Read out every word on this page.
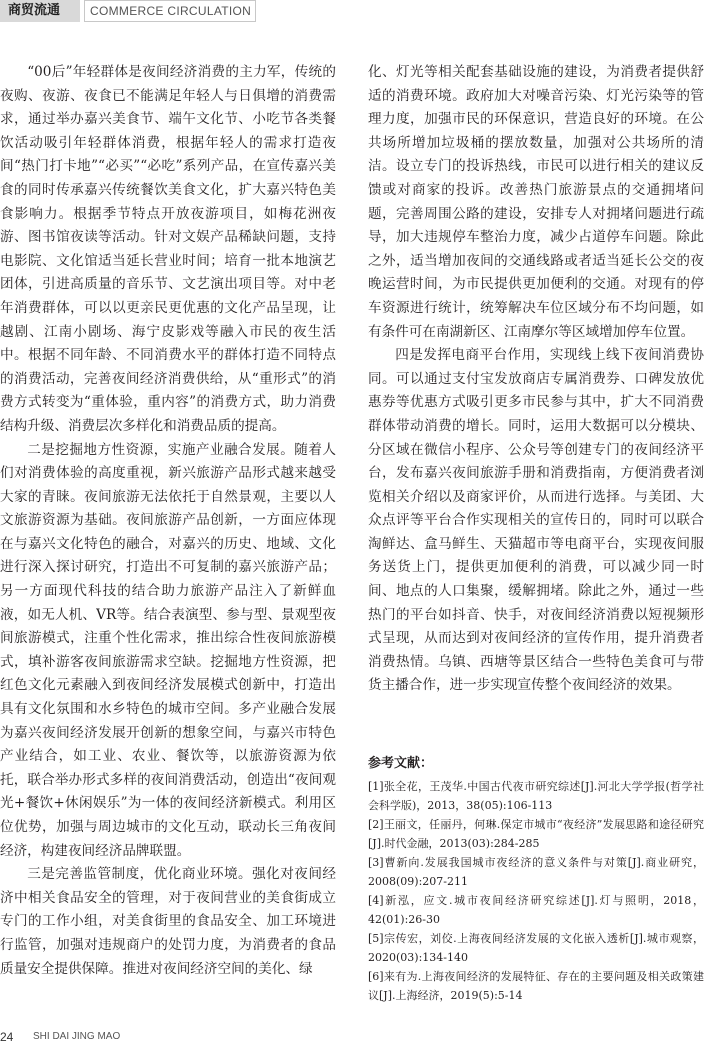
商贸流通	COMMERCE CIRCULATION

“00后”年轻群体是夜间经济消费的主力军，传统的夜购、夜游、夜食已不能满足年轻人与日俱增的消费需求，通过举办嘉兴美食节、端午文化节、小吃节各类餐饮活动吸引年轻群体消费，根据年轻人的需求打造夜间“热门打卡地”“必买”“必吃”系列产品，在宣传嘉兴美食的同时传承嘉兴传统餐饮美食文化，扩大嘉兴特色美食影响力。根据季节特点开放夜游项目，如梅花洲夜游、图书馆夜读等活动。针对文娱产品稀缺问题，支持电影院、文化馆适当延长营业时间；培育一批本地演艺团体，引进高质量的音乐节、文艺演出项目等。对中老年消费群体，可以以更亲民更优惠的文化产品呈现，让越剧、江南小剧场、海宁皮影戏等融入市民的夜生活中。根据不同年龄、不同消费水平的群体打造不同特点的消费活动，完善夜间经济消费供给，从“重形式”的消费方式转变为“重体验，重内容”的消费方式，助力消费结构升级、消费层次多样化和消费品质的提高。

二是挖掘地方性资源，实施产业融合发展。随着人们对消费体验的高度重视，新兴旅游产品形式越来越受大家的青睐。夜间旅游无法依托于自然景观，主要以人文旅游资源为基础。夜间旅游产品创新，一方面应体现在与嘉兴文化特色的融合，对嘉兴的历史、地域、文化进行深入探讨研究，打造出不可复制的嘉兴旅游产品；另一方面现代科技的结合助力旅游产品注入了新鲜血液，如无人机、VR等。结合表演型、参与型、景观型夜间旅游模式，注重个性化需求，推出综合性夜间旅游模式，填补游客夜间旅游需求空缺。挖掘地方性资源，把红色文化元素融入到夜间经济发展模式创新中，打造出具有文化氛围和水乡特色的城市空间。多产业融合发展为嘉兴夜间经济发展开创新的想象空间，与嘉兴市特色产业结合，如工业、农业、餐饮等，以旅游资源为依托，联合举办形式多样的夜间消费活动，创造出“夜间观光+餐饮+休闲娱乐”为一体的夜间经济新模式。利用区位优势，加强与周边城市的文化互动，联动长三角夜间经济，构建夜间经济品牌联盟。

三是完善监管制度，优化商业环境。强化对夜间经济中相关食品安全的管理，对于夜间营业的美食街成立专门的工作小组，对美食街里的食品安全、加工环境进行监管，加强对违规商户的处罚力度，为消费者的食品质量安全提供保障。推进对夜间经济空间的美化、绿

化、灯光等相关配套基础设施的建设，为消费者提供舒适的消费环境。政府加大对噪音污染、灯光污染等的管理力度，加强市民的环保意识，营造良好的环境。在公共场所增加垃圾桶的摆放数量，加强对公共场所的清洁。设立专门的投诉热线，市民可以进行相关的建议反馈或对商家的投诉。改善热门旅游景点的交通拥堵问题，完善周围公路的建设，安排专人对拥堵问题进行疏导，加大违规停车整治力度，减少占道停车问题。除此之外，适当增加夜间的交通线路或者适当延长公交的夜晚运营时间，为市民提供更加便利的交通。对现有的停车资源进行统计，统筹解决车位区域分布不均问题，如有条件可在南湖新区、江南摩尔等区域增加停车位置。

四是发挥电商平台作用，实现线上线下夜间消费协同。可以通过支付宝发放商店专属消费券、口碑发放优惠券等优惠方式吸引更多市民参与其中，扩大不同消费群体带动消费的增长。同时，运用大数据可以分模块、分区域在微信小程序、公众号等创建专门的夜间经济平台，发布嘉兴夜间旅游手册和消费指南，方便消费者浏览相关介绍以及商家评价，从而进行选择。与美团、大众点评等平台合作实现相关的宣传日的，同时可以联合淘鲜达、盒马鲜生、天猫超市等电商平台，实现夜间服务送货上门，提供更加便利的消费，可以减少同一时间、地点的人口集聚，缓解拥堵。除此之外，通过一些热门的平台如抖音、快手，对夜间经济消费以短视频形式呈现，从而达到对夜间经济的宣传作用，提升消费者消费热情。乌镇、西塘等景区结合一些特色美食可与带货主播合作，进一步实现宣传整个夜间经济的效果。

参考文献：

[1]张全花，王茂华.中国古代夜市研究综述[J].河北大学学报(哲学社会科学版)，2013，38(05):106-113

[2]王丽文，任丽丹，何琳.保定市城市“夜经济”发展思路和途径研究[J].时代金融，2013(03):284-285

[3]曹新向.发展我国城市夜经济的意义条件与对策[J].商业研究，2008(09):207-211

[4]新泓，应文.城市夜间经济研究综述[J].灯与照明，2018，42(01):26-30

[5]宗传宏，刘佼.上海夜间经济发展的文化嵌入透析[J].城市观察，2020(03):134-140

[6]来有为.上海夜间经济的发展特征、存在的主要问题及相关政策建议[J].上海经济，2019(5):5-14

24 SHI DAI JING MAO
